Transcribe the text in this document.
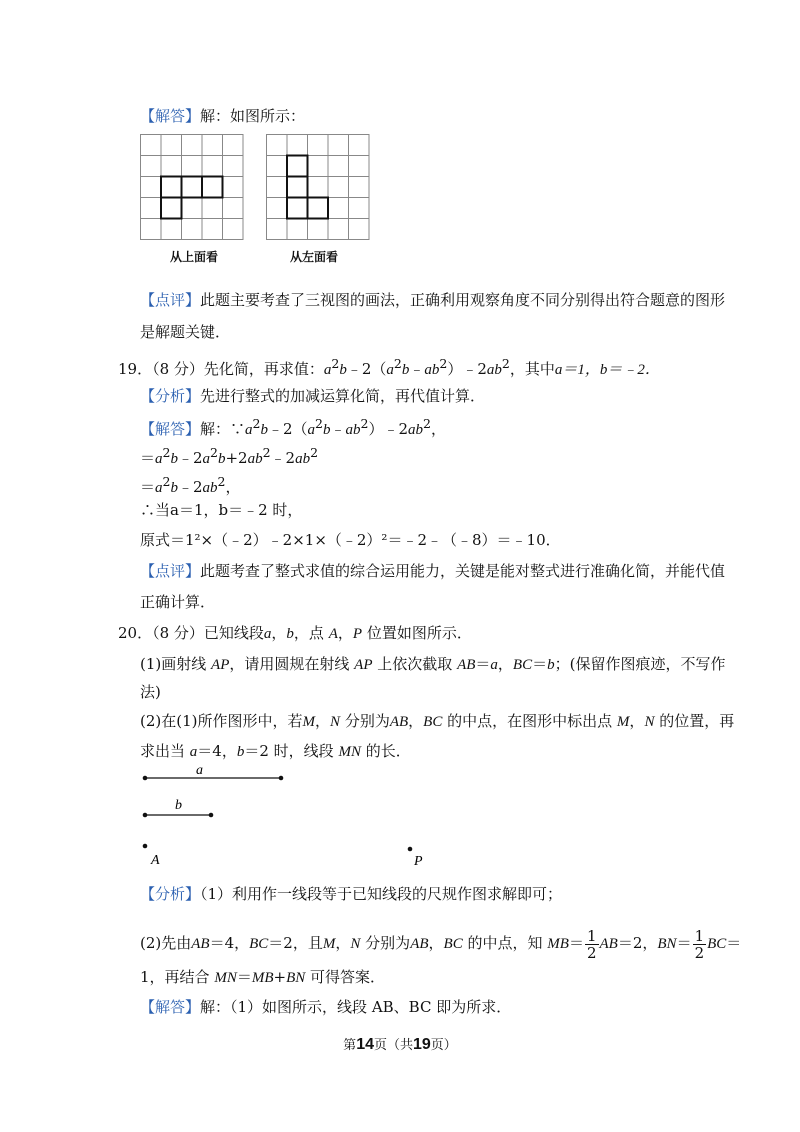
【解答】解：如图所示：
从上面看	从左面看
【点评】此题主要考查了三视图的画法，正确利用观察角度不同分别得出符合题意的图形
是解题关键．
19．（8 分）先化简，再求值：$a^2b﹣2(a^2b﹣ab^2)﹣2ab^2$，其中a＝1，b＝﹣2．
【分析】先进行整式的加减运算化简，再代值计算．
【解答】解：$\because a^2b﹣2(a^2b﹣ab^2)﹣2ab^2$，
$=a^2b﹣2a^2b+2ab^2﹣2ab^2$
$=a^2b﹣2ab^2$，
∴当a＝1，b＝﹣2 时，
原式＝1²×（﹣2）﹣2×1×（﹣2）²＝﹣2﹣（﹣8）＝﹣10．
【点评】此题考查了整式求值的综合运用能力，关键是能对整式进行准确化简，并能代值
正确计算．
20．（8 分）已知线段a，b，点 A，P 位置如图所示．
(1)画射线 AP，请用圆规在射线 AP 上依次截取 AB＝a，BC＝b；(保留作图痕迹，不写作
法)
(2)在(1)所作图形中，若M，N 分别为AB，BC 的中点，在图形中标出点 M，N 的位置，再
求出当 a＝4，b＝2 时，线段 MN 的长．
a
b
A	P
【分析】（1）利用作一线段等于已知线段的尺规作图求解即可；
(2)先由AB＝4，BC＝2，且M，N 分别为AB，BC 的中点，知 $MB= \frac{1}{2} AB=2$，$BN= \frac{1}{2} BC=$
1，再结合 MN＝MB+BN 可得答案．
【解答】解：（1）如图所示，线段 AB、BC 即为所求．
第14页（共19页）
